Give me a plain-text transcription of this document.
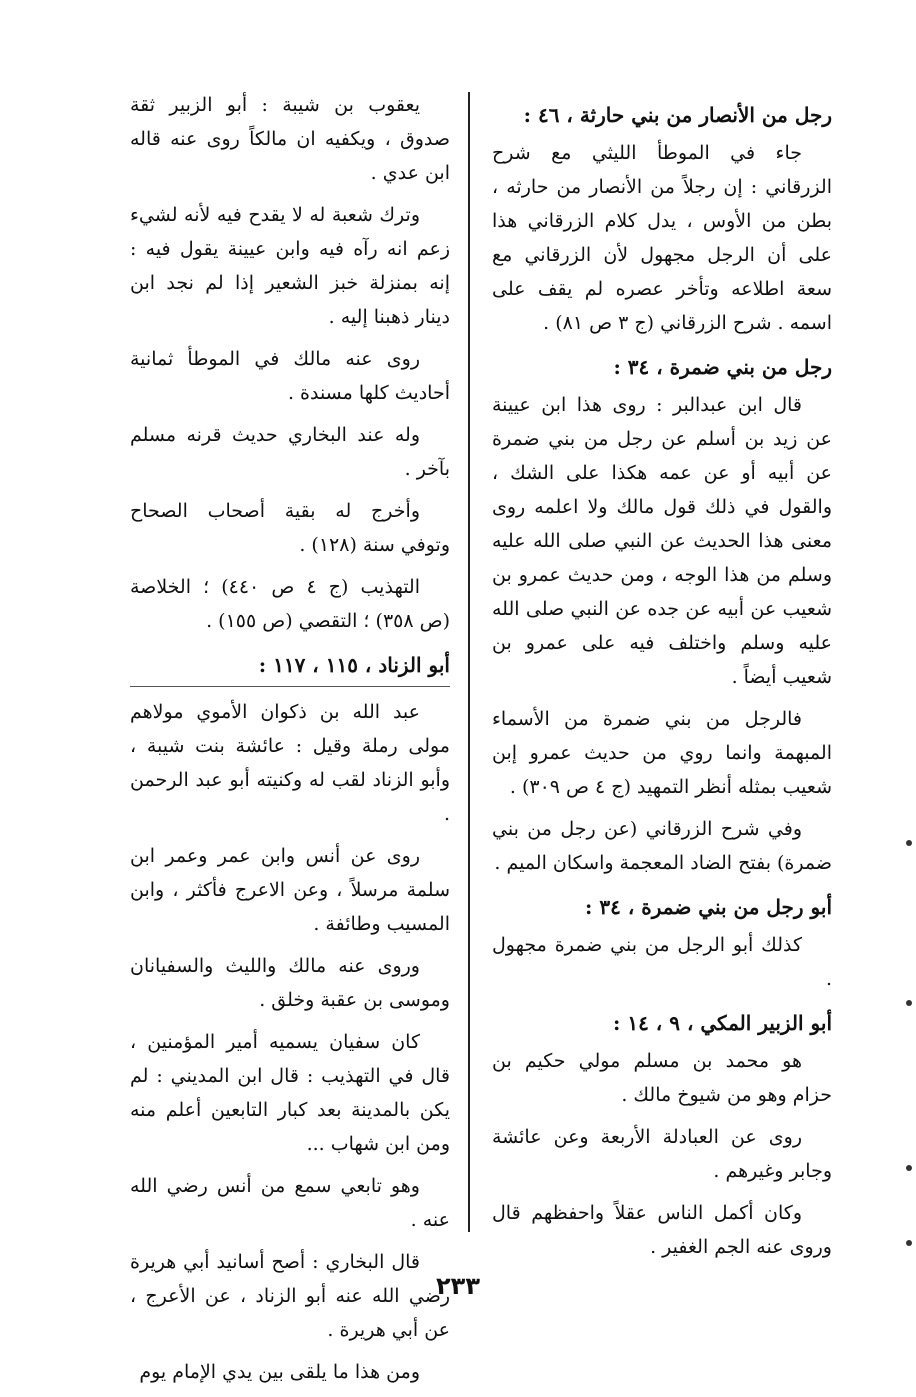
رجل من الأنصار من بني حارثة ، ٤٦ :
جاء في الموطأ الليثي مع شرح الزرقاني : إن رجلاً من الأنصار من حارثه ، بطن من الأوس ، يدل كلام الزرقاني هذا على أن الرجل مجهول لأن الزرقاني مع سعة اطلاعه وتأخر عصره لم يقف على اسمه . شرح الزرقاني (ج ٣ ص ٨١) .
رجل من بني ضمرة ، ٣٤ :
قال ابن عبدالبر : روى هذا ابن عيينة عن زيد بن أسلم عن رجل من بني ضمرة عن أبيه أو عن عمه هكذا على الشك ، والقول في ذلك قول مالك ولا اعلمه روى معنى هذا الحديث عن النبي صلى الله عليه وسلم من هذا الوجه ، ومن حديث عمرو بن شعيب عن أبيه عن جده عن النبي صلى الله عليه وسلم واختلف فيه على عمرو بن شعيب أيضاً .
فالرجل من بني ضمرة من الأسماء المبهمة وانما روي من حديث عمرو إبن شعيب بمثله أنظر التمهيد (ج ٤ ص ٣٠٩) .
وفي شرح الزرقاني (عن رجل من بني ضمرة) بفتح الضاد المعجمة واسكان الميم .
أبو رجل من بني ضمرة ، ٣٤ :
كذلك أبو الرجل من بني ضمرة مجهول .
أبو الزبير المكي ، ٩ ، ١٤ :
هو محمد بن مسلم مولي حكيم بن حزام وهو من شيوخ مالك .
روى عن العبادلة الأربعة وعن عائشة وجابر وغيرهم .
وكان أكمل الناس عقلاً واحفظهم قال وروى عنه الجم الغفير .
يعقوب بن شيبة : أبو الزبير ثقة صدوق ، ويكفيه ان مالكاً روى عنه قاله ابن عدي .
وترك شعبة له لا يقدح فيه لأنه لشيء زعم انه رآه فيه وابن عيينة يقول فيه : إنه بمنزلة خبز الشعير إذا لم نجد ابن دينار ذهبنا إليه .
روى عنه مالك في الموطأ ثمانية أحاديث كلها مسندة .
وله عند البخاري حديث قرنه مسلم بآخر .
وأخرج له بقية أصحاب الصحاح وتوفي سنة (١٢٨) .
التهذيب (ج ٤ ص ٤٤٠) ؛ الخلاصة (ص ٣٥٨) ؛ التقصي (ص ١٥٥) .
أبو الزناد ، ١١٥ ، ١١٧ :
عبد الله بن ذكوان الأموي مولاهم مولى رملة وقيل : عائشة بنت شيبة ، وأبو الزناد لقب له وكنيته أبو عبد الرحمن .
روى عن أنس وابن عمر وعمر ابن سلمة مرسلاً ، وعن الاعرج فأكثر ، وابن المسيب وطائفة .
وروى عنه مالك والليث والسفيانان وموسى بن عقبة وخلق .
كان سفيان يسميه أمير المؤمنين ، قال في التهذيب : قال ابن المديني : لم يكن بالمدينة بعد كبار التابعين أعلم منه ومن ابن شهاب ...
وهو تابعي سمع من أنس رضي الله عنه .
قال البخاري : أصح أسانيد أبي هريرة رضي الله عنه أبو الزناد ، عن الأعرج ، عن أبي هريرة .
ومن هذا ما يلقى بين يدي الإمام يوم
٢٣٣
